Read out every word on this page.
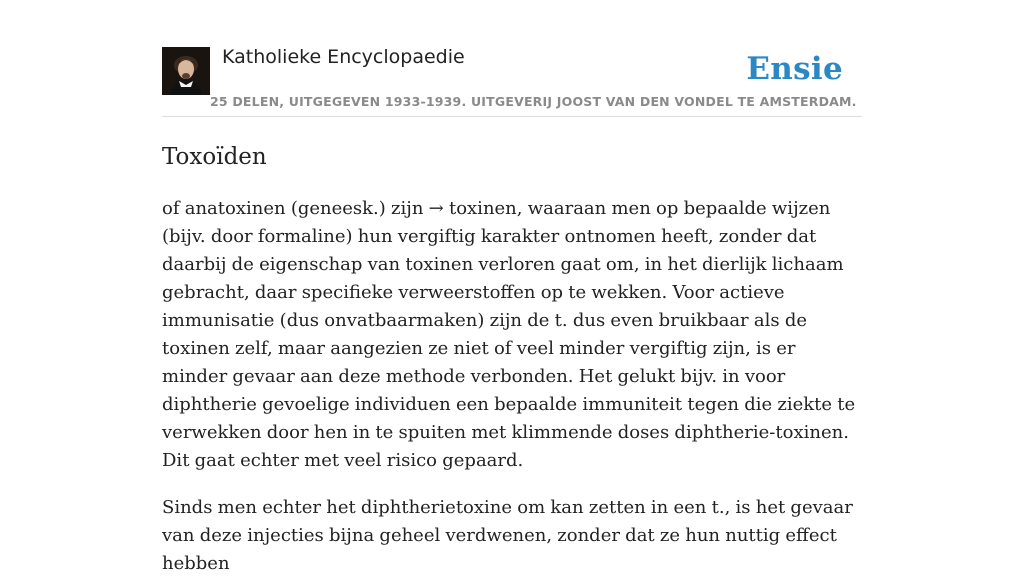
Katholieke Encyclopaedie	Ensie
25 DELEN, UITGEGEVEN 1933-1939. UITGEVERIJ JOOST VAN DEN VONDEL TE AMSTERDAM.
Toxoïden

of anatoxinen (geneesk.) zijn → toxinen, waaraan men op bepaalde wijzen (bijv. door formaline) hun vergiftig karakter ontnomen heeft, zonder dat daarbij de eigenschap van toxinen verloren gaat om, in het dierlijk lichaam gebracht, daar specifieke verweerstoffen op te wekken. Voor actieve immunisatie (dus onvatbaarmaken) zijn de t. dus even bruikbaar als de toxinen zelf, maar aangezien ze niet of veel minder vergiftig zijn, is er minder gevaar aan deze methode verbonden. Het gelukt bijv. in voor diphtherie gevoelige individuen een bepaalde immuniteit tegen die ziekte te verwekken door hen in te spuiten met klimmende doses diphtherie-toxinen. Dit gaat echter met veel risico gepaard.

Sinds men echter het diphtherietoxine om kan zetten in een t., is het gevaar van deze injecties bijna geheel verdwenen, zonder dat ze hun nuttig effect hebben
